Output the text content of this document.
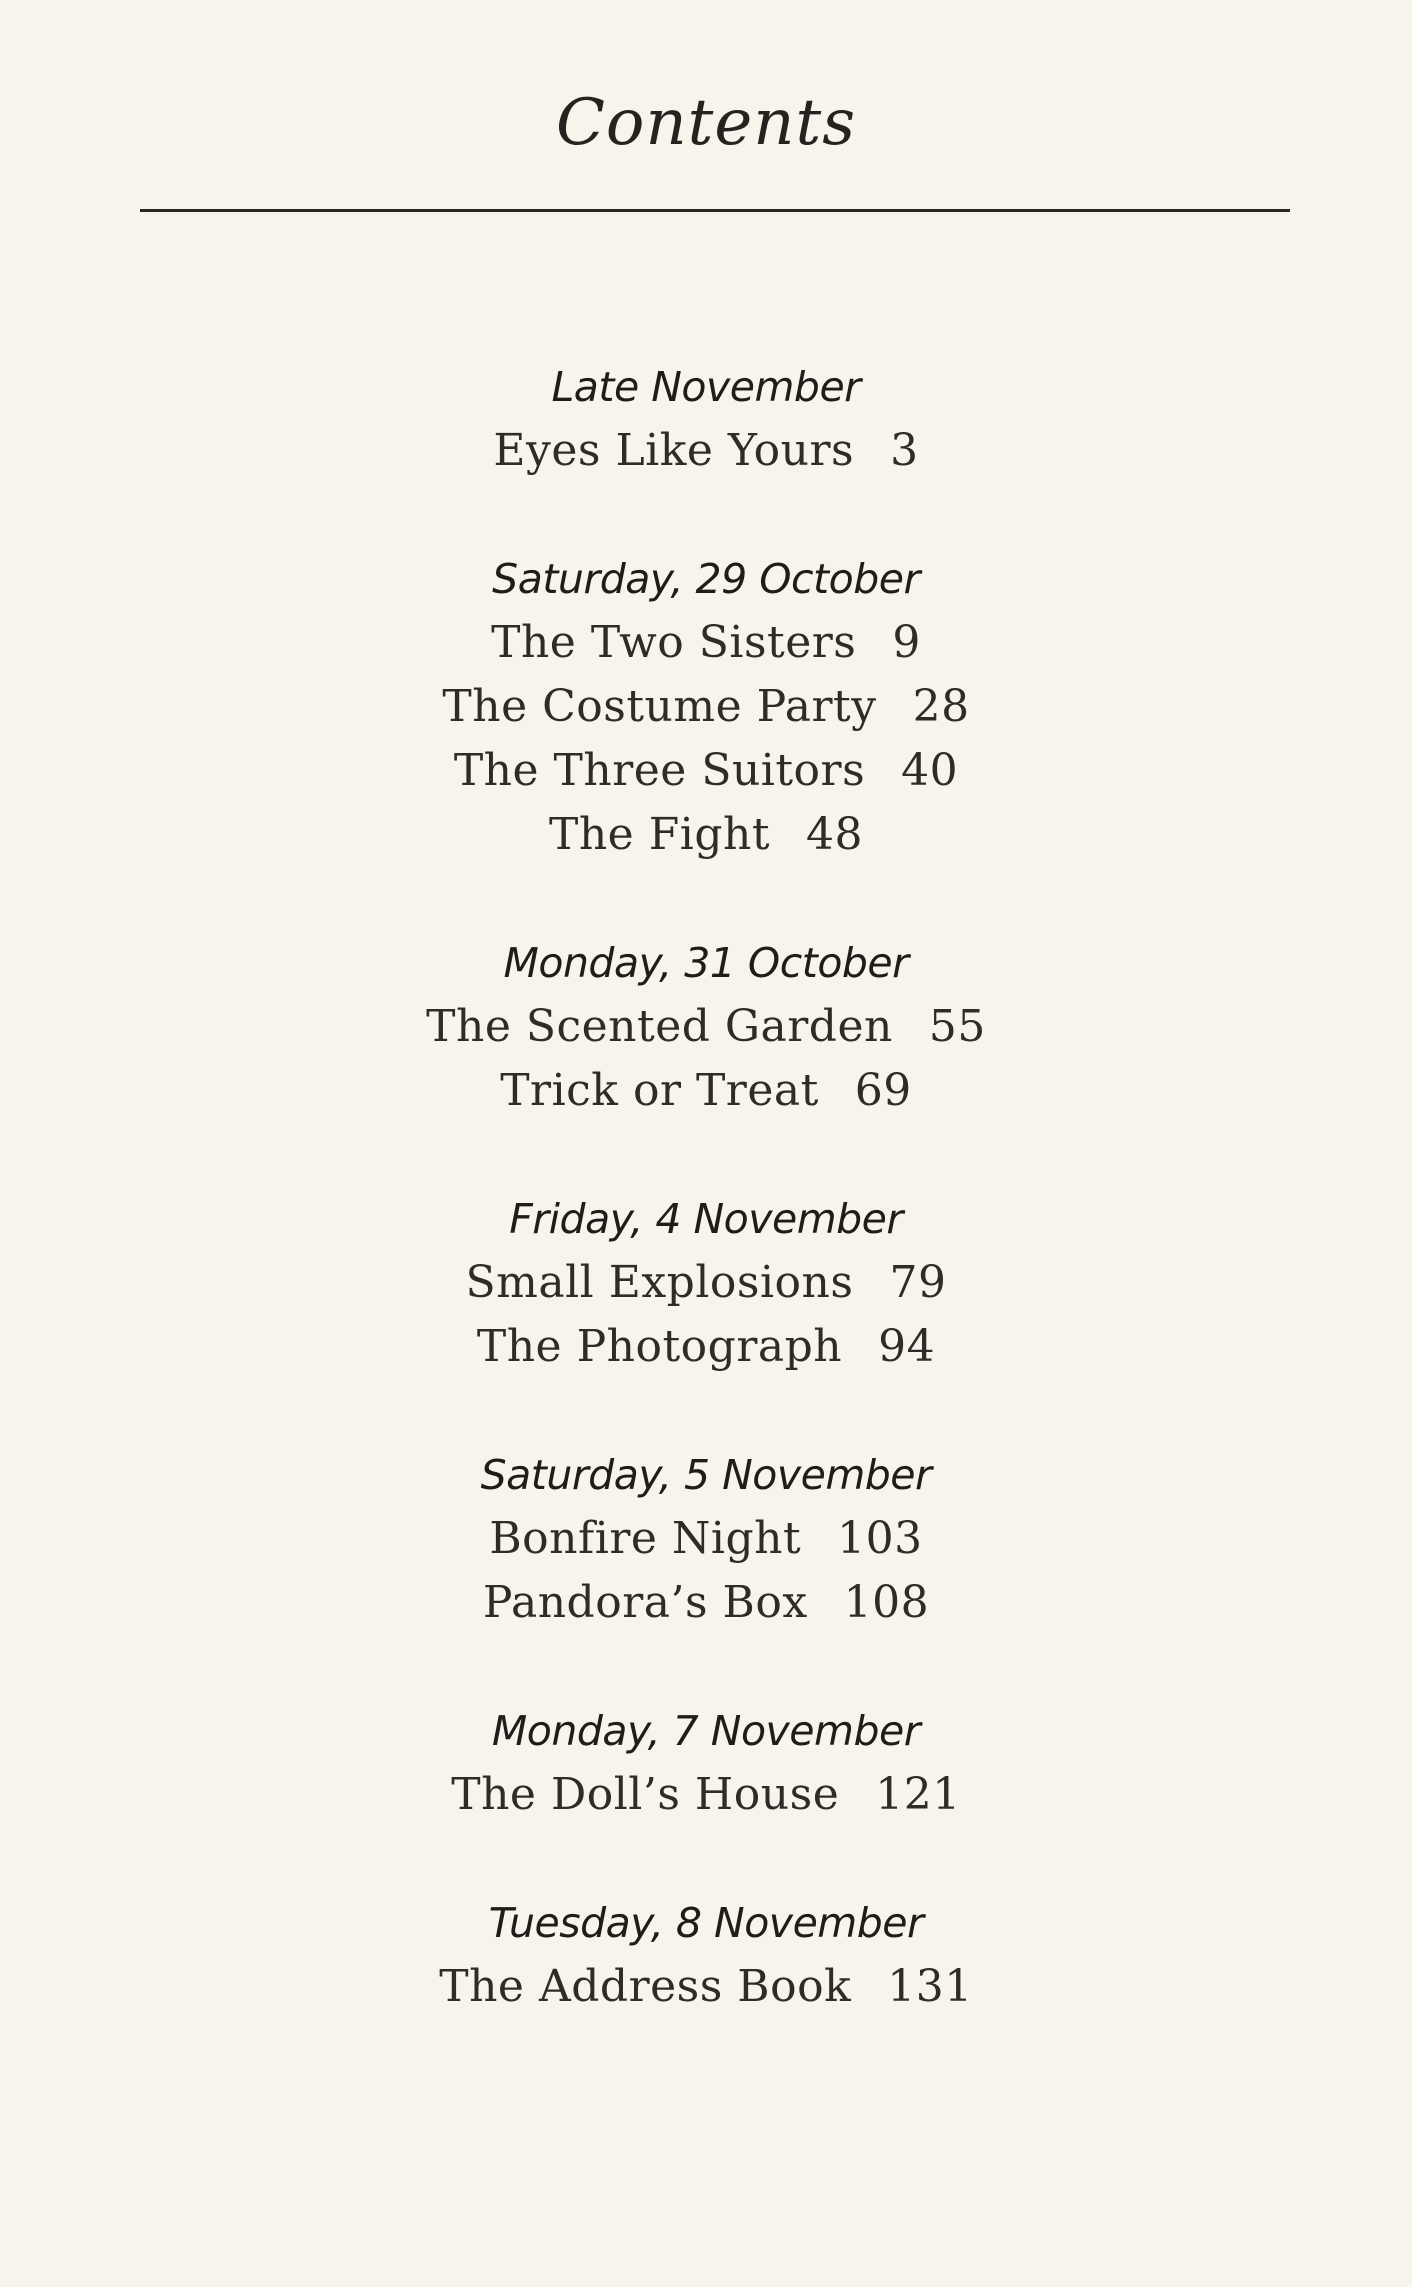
Contents
Late November
Eyes Like Yours 3
Saturday, 29 October
The Two Sisters 9
The Costume Party 28
The Three Suitors 40
The Fight 48
Monday, 31 October
The Scented Garden 55
Trick or Treat 69
Friday, 4 November
Small Explosions 79
The Photograph 94
Saturday, 5 November
Bonfire Night 103
Pandora’s Box 108
Monday, 7 November
The Doll’s House 121
Tuesday, 8 November
The Address Book 131
